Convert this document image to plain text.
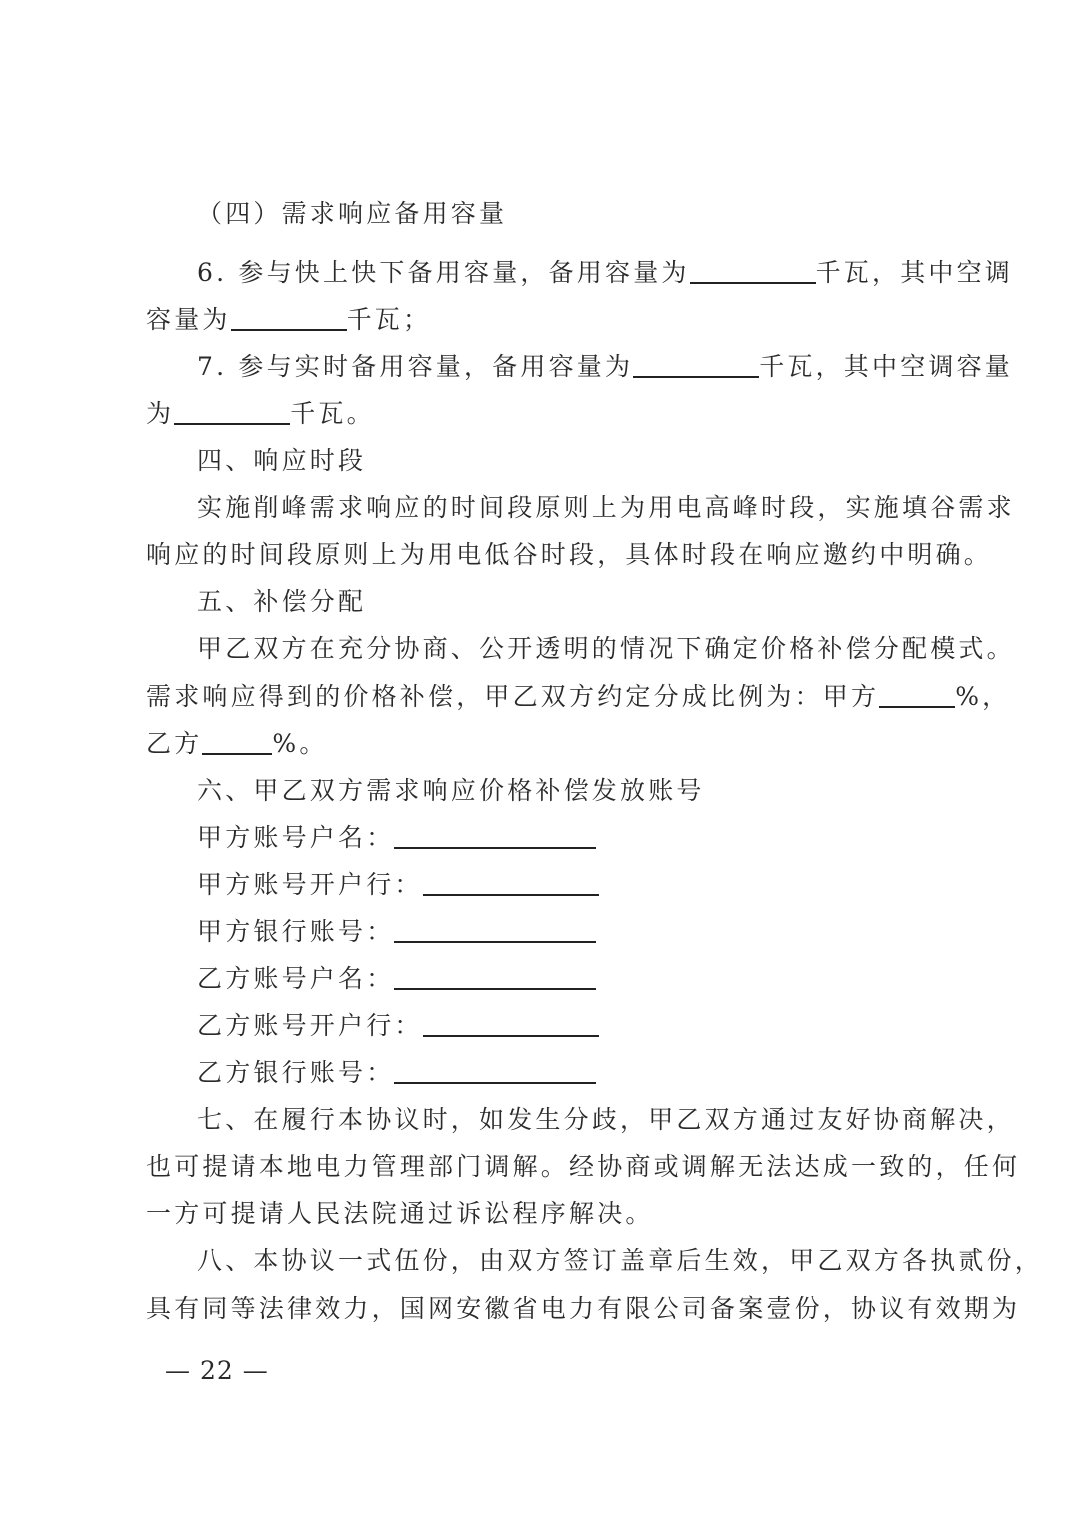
（四）需求响应备用容量
6. 参与快上快下备用容量，备用容量为	千瓦，其中空调
容量为	千瓦；
7. 参与实时备用容量，备用容量为	千瓦，其中空调容量
为	千瓦。
四、响应时段
实施削峰需求响应的时间段原则上为用电高峰时段，实施填谷需求
响应的时间段原则上为用电低谷时段，具体时段在响应邀约中明确。
五、补偿分配
甲乙双方在充分协商、公开透明的情况下确定价格补偿分配模式。
需求响应得到的价格补偿，甲乙双方约定分成比例为：甲方	%，
乙方	%。
六、甲乙双方需求响应价格补偿发放账号
甲方账号户名：
甲方账号开户行：
甲方银行账号：
乙方账号户名：
乙方账号开户行：
乙方银行账号：
七、在履行本协议时，如发生分歧，甲乙双方通过友好协商解决，
也可提请本地电力管理部门调解。经协商或调解无法达成一致的，任何
一方可提请人民法院通过诉讼程序解决。
八、本协议一式伍份，由双方签订盖章后生效，甲乙双方各执贰份，
具有同等法律效力，国网安徽省电力有限公司备案壹份，协议有效期为
— 22 —
